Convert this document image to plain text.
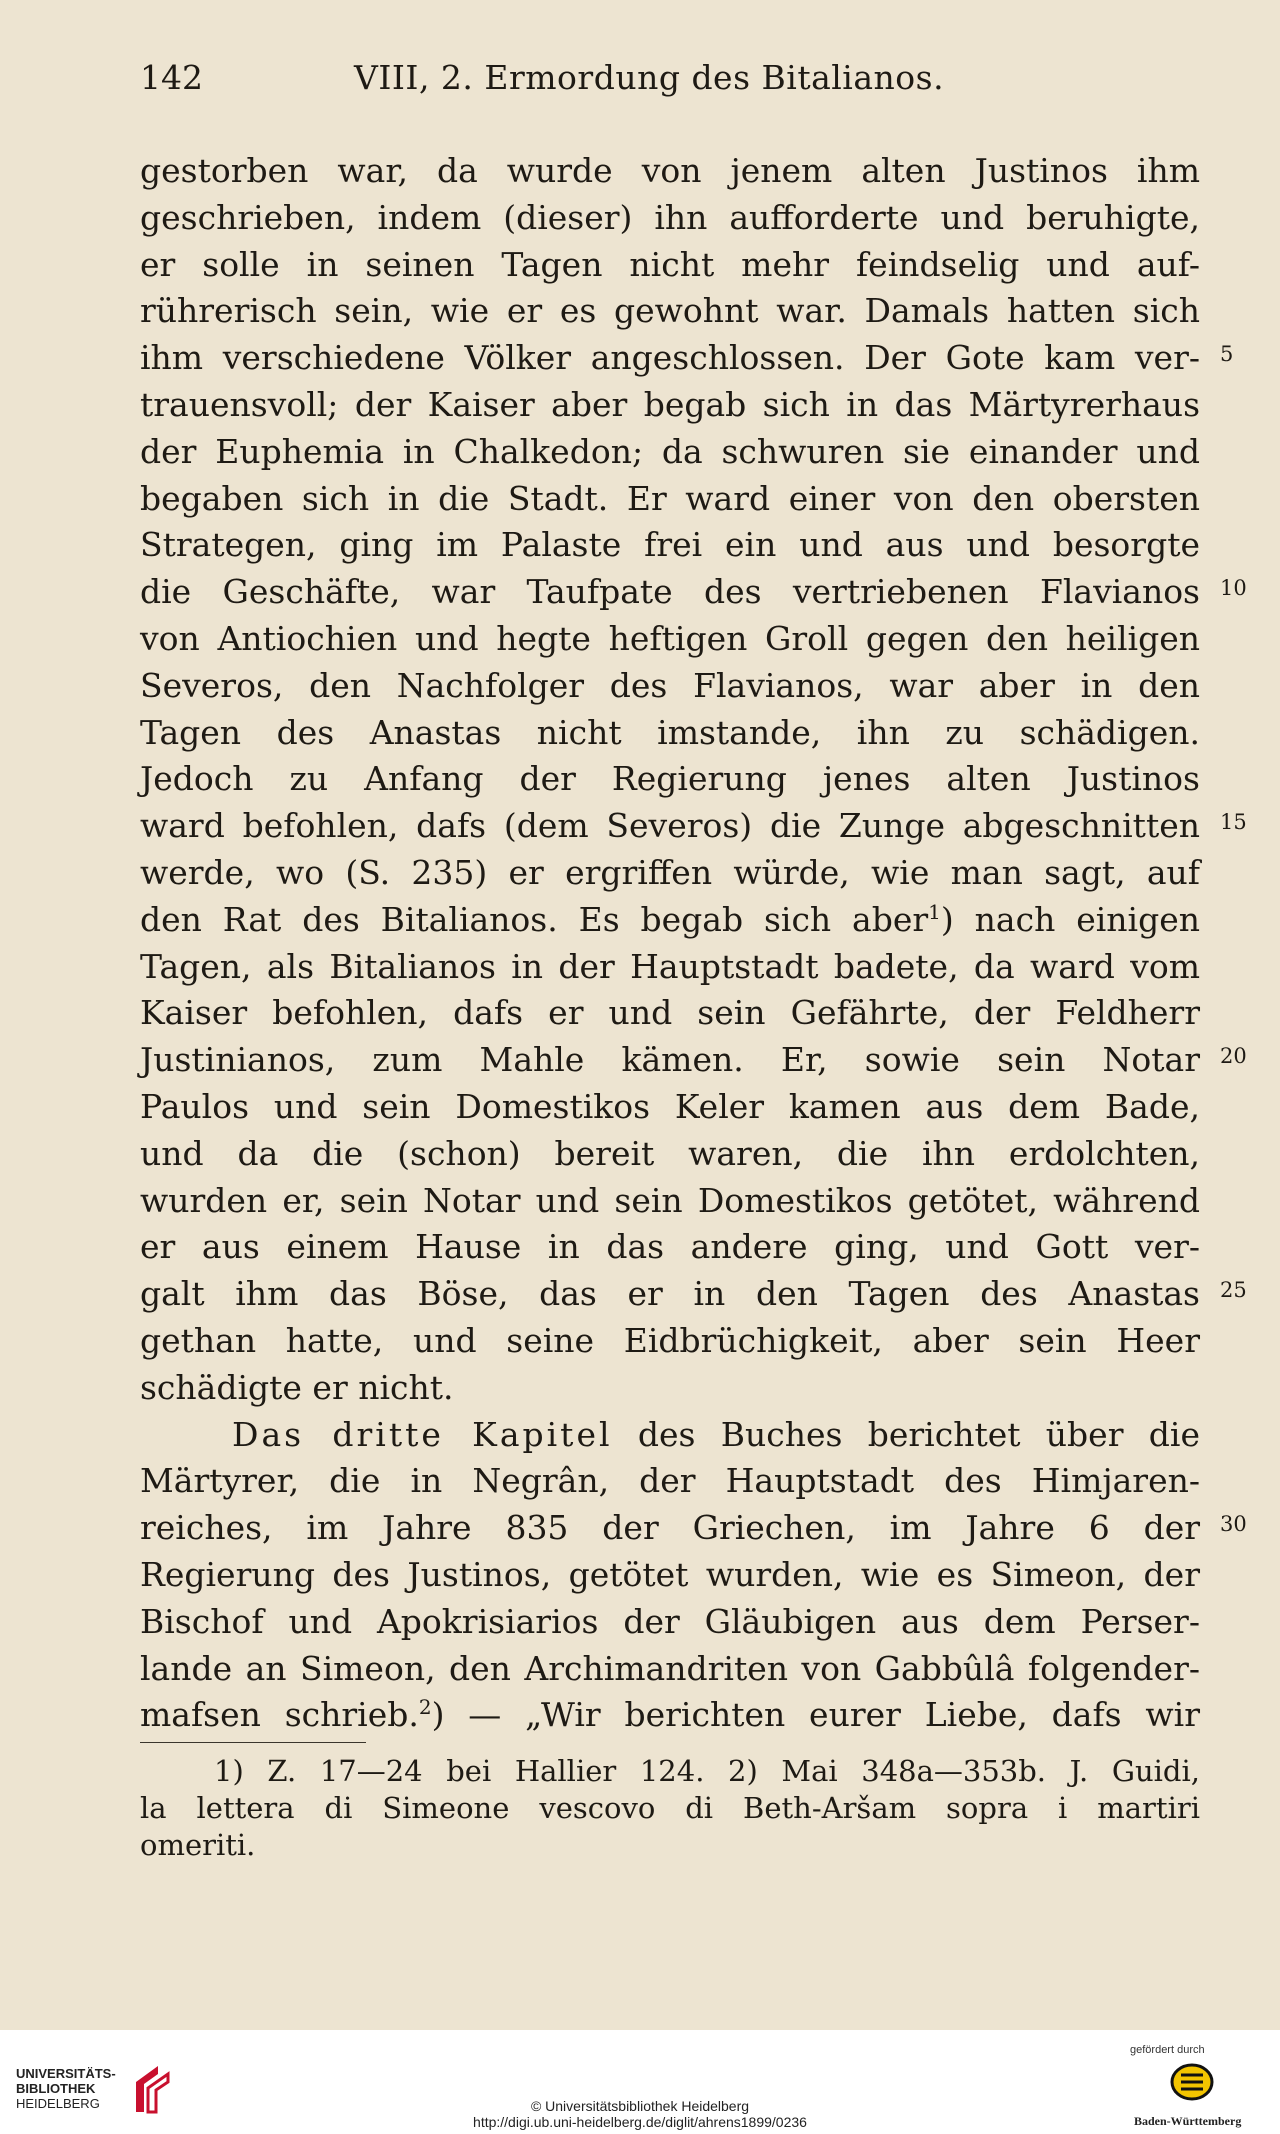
142	VIII, 2. Ermordung des Bitalianos.
gestorben war, da wurde von jenem alten Justinos ihm
geschrieben, indem (dieser) ihn aufforderte und beruhigte,
er solle in seinen Tagen nicht mehr feindselig und auf-
rührerisch sein, wie er es gewohnt war. Damals hatten sich
ihm verschiedene Völker angeschlossen. Der Gote kam ver-
trauensvoll; der Kaiser aber begab sich in das Märtyrerhaus
der Euphemia in Chalkedon; da schwuren sie einander und
begaben sich in die Stadt. Er ward einer von den obersten
Strategen, ging im Palaste frei ein und aus und besorgte
die Geschäfte, war Taufpate des vertriebenen Flavianos
von Antiochien und hegte heftigen Groll gegen den heiligen
Severos, den Nachfolger des Flavianos, war aber in den
Tagen des Anastas nicht imstande, ihn zu schädigen.
Jedoch zu Anfang der Regierung jenes alten Justinos
ward befohlen, dafs (dem Severos) die Zunge abgeschnitten
werde, wo (S. 235) er ergriffen würde, wie man sagt, auf
den Rat des Bitalianos. Es begab sich aber$^1$) nach einigen
Tagen, als Bitalianos in der Hauptstadt badete, da ward vom
Kaiser befohlen, dafs er und sein Gefährte, der Feldherr
Justinianos, zum Mahle kämen. Er, sowie sein Notar
Paulos und sein Domestikos Keler kamen aus dem Bade,
und da die (schon) bereit waren, die ihn erdolchten,
wurden er, sein Notar und sein Domestikos getötet, während
er aus einem Hause in das andere ging, und Gott ver-
galt ihm das Böse, das er in den Tagen des Anastas
gethan hatte, und seine Eidbrüchigkeit, aber sein Heer
schädigte er nicht.
Das dritte Kapitel des Buches berichtet über die
Märtyrer, die in Negrân, der Hauptstadt des Himjaren-
reiches, im Jahre 835 der Griechen, im Jahre 6 der
Regierung des Justinos, getötet wurden, wie es Simeon, der
Bischof und Apokrisiarios der Gläubigen aus dem Perser-
lande an Simeon, den Archimandriten von Gabbûlâ folgender-
mafsen schrieb.$^2$) — „Wir berichten eurer Liebe, dafs wir
5
10
15
20
25
30
1) Z. 17—24 bei Hallier 124. 2) Mai 348a—353b. J. Guidi,
la lettera di Simeone vescovo di Beth-Aršam sopra i martiri
omeriti.
UNIVERSITÄTS-
BIBLIOTHEK
HEIDELBERG	© Universitätsbibliothek Heidelberg
http://digi.ub.uni-heidelberg.de/diglit/ahrens1899/0236
gefördert durch
Baden-Württemberg
